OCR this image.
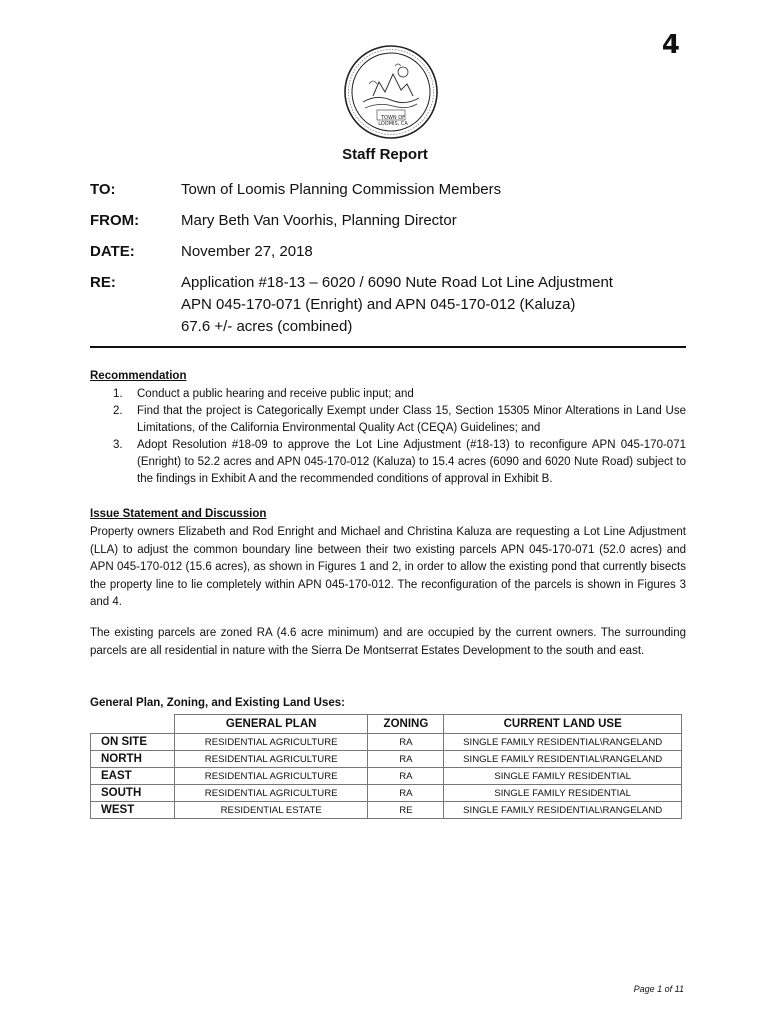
4
TOWN OF
LOOMIS, CA
Staff Report
TO:	Town of Loomis Planning Commission Members
FROM:	Mary Beth Van Voorhis, Planning Director
DATE:	November 27, 2018
RE:	Application #18-13 – 6020 / 6090 Nute Road Lot Line Adjustment
APN 045-170-071 (Enright) and APN 045-170-012 (Kaluza)
67.6 +/- acres (combined)
Recommendation
1. Conduct a public hearing and receive public input; and
2. Find that the project is Categorically Exempt under Class 15, Section 15305 Minor Alterations in Land Use Limitations, of the California Environmental Quality Act (CEQA) Guidelines; and
3. Adopt Resolution #18-09 to approve the Lot Line Adjustment (#18-13) to reconfigure APN 045-170-071 (Enright) to 52.2 acres and APN 045-170-012 (Kaluza) to 15.4 acres (6090 and 6020 Nute Road) subject to the findings in Exhibit A and the recommended conditions of approval in Exhibit B.
Issue Statement and Discussion
Property owners Elizabeth and Rod Enright and Michael and Christina Kaluza are requesting a Lot Line Adjustment (LLA) to adjust the common boundary line between their two existing parcels APN 045-170-071 (52.0 acres) and APN 045-170-012 (15.6 acres), as shown in Figures 1 and 2, in order to allow the existing pond that currently bisects the property line to lie completely within APN 045-170-012. The reconfiguration of the parcels is shown in Figures 3 and 4.
The existing parcels are zoned RA (4.6 acre minimum) and are occupied by the current owners. The surrounding parcels are all residential in nature with the Sierra De Montserrat Estates Development to the south and east.
General Plan, Zoning, and Existing Land Uses:
	GENERAL PLAN	ZONING	CURRENT LAND USE
ON SITE	RESIDENTIAL AGRICULTURE	RA	SINGLE FAMILY RESIDENTIAL\RANGELAND
NORTH	RESIDENTIAL AGRICULTURE	RA	SINGLE FAMILY RESIDENTIAL\RANGELAND
EAST	RESIDENTIAL AGRICULTURE	RA	SINGLE FAMILY RESIDENTIAL
SOUTH	RESIDENTIAL AGRICULTURE	RA	SINGLE FAMILY RESIDENTIAL
WEST	RESIDENTIAL ESTATE	RE	SINGLE FAMILY RESIDENTIAL\RANGELAND
Page 1 of 11
